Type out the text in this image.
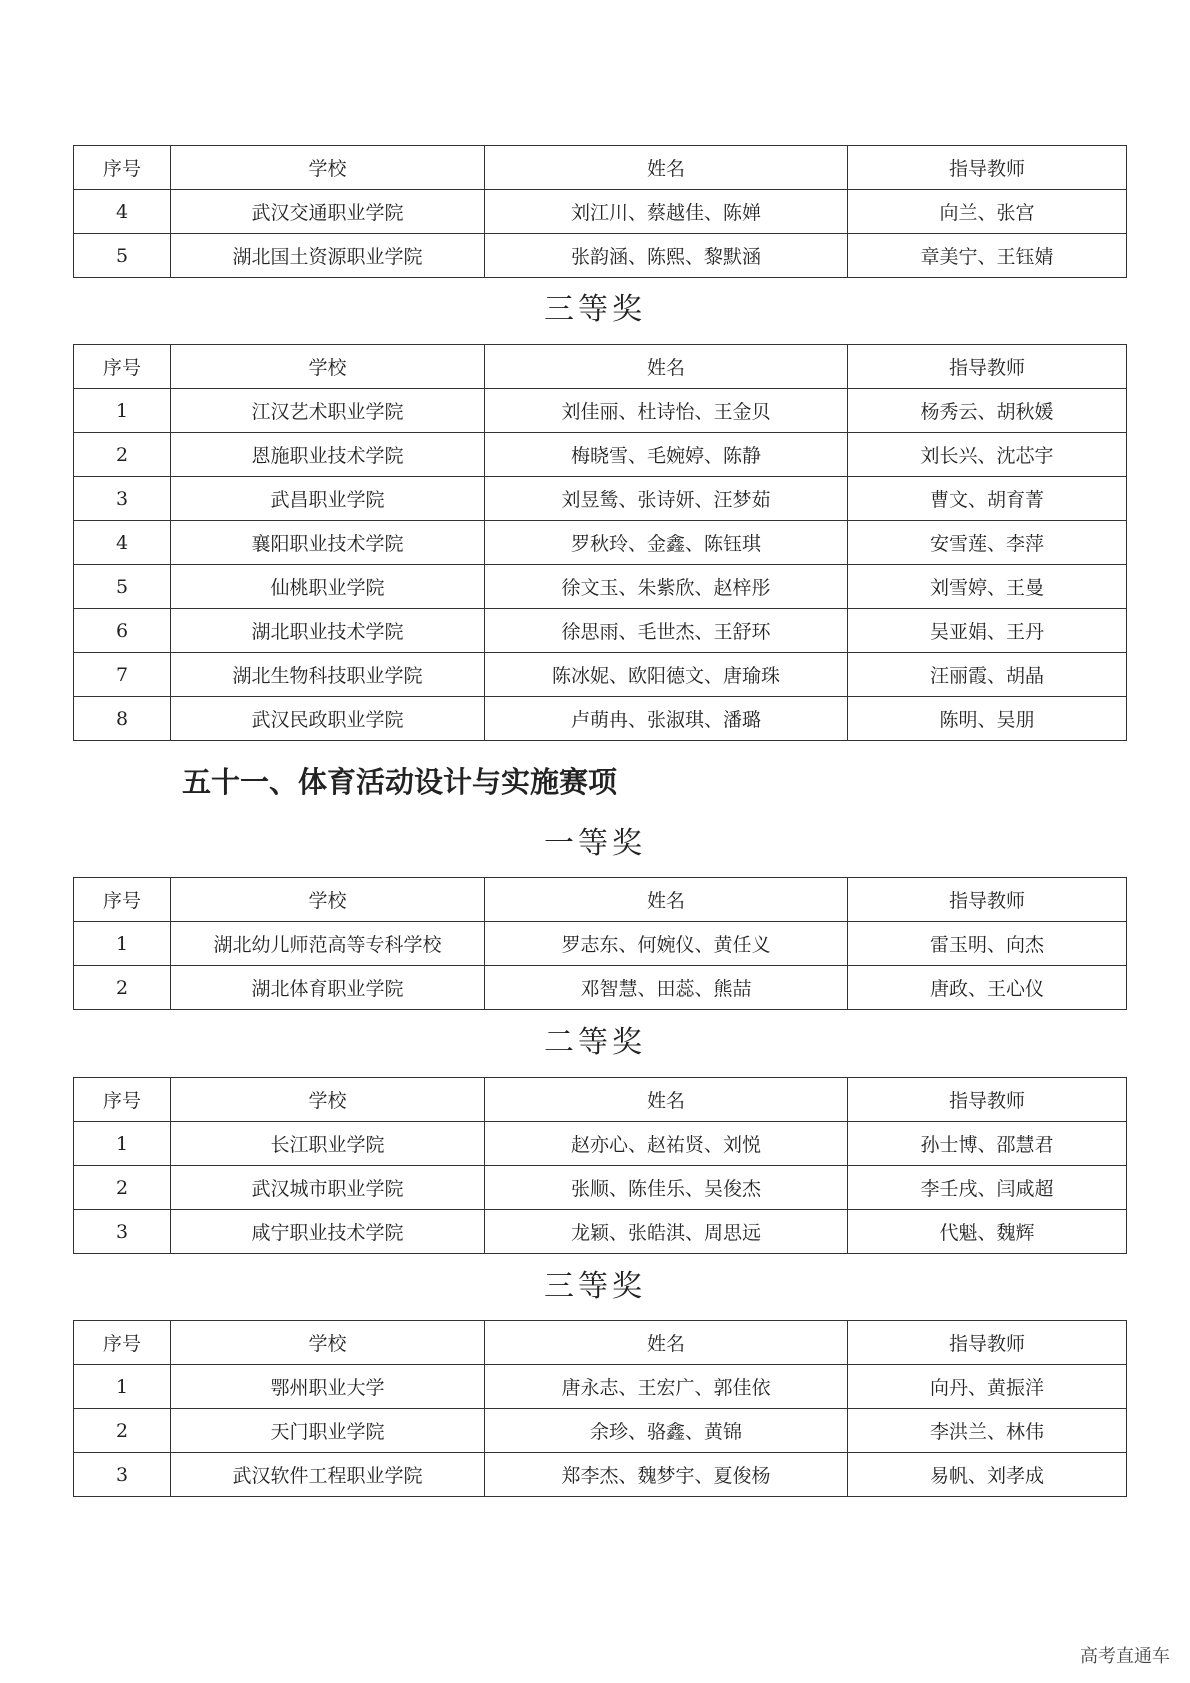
序号	学校	姓名	指导教师
4	武汉交通职业学院	刘江川、蔡越佳、陈婵	向兰、张宫
5	湖北国土资源职业学院	张韵涵、陈熙、黎默涵	章美宁、王钰婧
三等奖
序号	学校	姓名	指导教师
1	江汉艺术职业学院	刘佳丽、杜诗怡、王金贝	杨秀云、胡秋媛
2	恩施职业技术学院	梅晓雪、毛婉婷、陈静	刘长兴、沈芯宇
3	武昌职业学院	刘昱鸶、张诗妍、汪梦茹	曹文、胡育菁
4	襄阳职业技术学院	罗秋玲、金鑫、陈钰琪	安雪莲、李萍
5	仙桃职业学院	徐文玉、朱紫欣、赵梓彤	刘雪婷、王曼
6	湖北职业技术学院	徐思雨、毛世杰、王舒环	吴亚娟、王丹
7	湖北生物科技职业学院	陈冰妮、欧阳德文、唐瑜珠	汪丽霞、胡晶
8	武汉民政职业学院	卢萌冉、张淑琪、潘璐	陈明、吴朋
五十一、体育活动设计与实施赛项
一等奖
序号	学校	姓名	指导教师
1	湖北幼儿师范高等专科学校	罗志东、何婉仪、黄任义	雷玉明、向杰
2	湖北体育职业学院	邓智慧、田蕊、熊喆	唐政、王心仪
二等奖
序号	学校	姓名	指导教师
1	长江职业学院	赵亦心、赵祐贤、刘悦	孙士博、邵慧君
2	武汉城市职业学院	张顺、陈佳乐、吴俊杰	李壬戌、闫咸超
3	咸宁职业技术学院	龙颖、张皓淇、周思远	代魁、魏辉
三等奖
序号	学校	姓名	指导教师
1	鄂州职业大学	唐永志、王宏广、郭佳依	向丹、黄振洋
2	天门职业学院	余珍、骆鑫、黄锦	李洪兰、林伟
3	武汉软件工程职业学院	郑李杰、魏梦宇、夏俊杨	易帆、刘孝成
高考直通车
